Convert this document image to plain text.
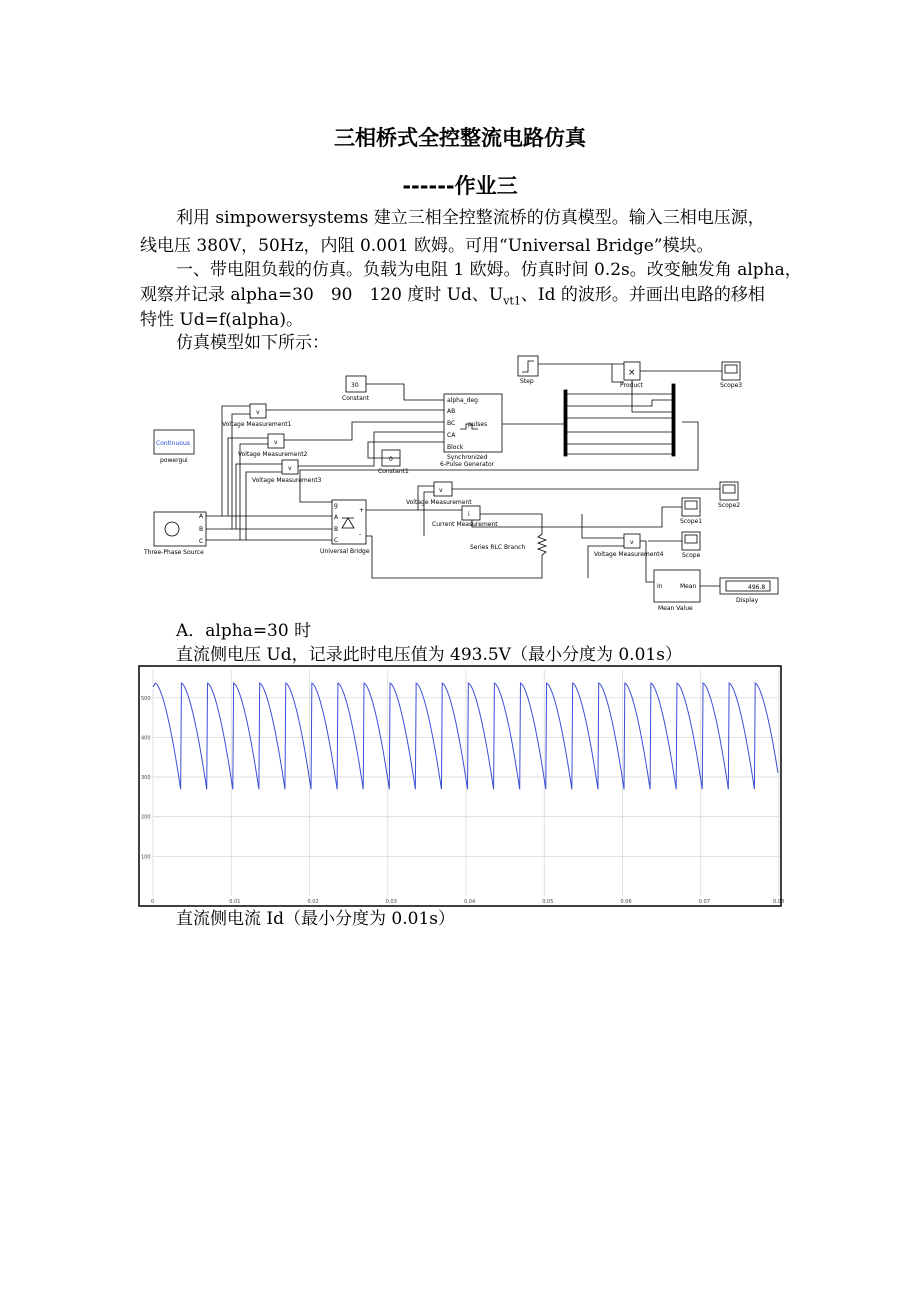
三相桥式全控整流电路仿真
------作业三
利用 simpowersystems 建立三相全控整流桥的仿真模型。输入三相电压源，
线电压 380V，50Hz，内阻 0.001 欧姆。可用“Universal Bridge”模块。
一、带电阻负载的仿真。负载为电阻 1 欧姆。仿真时间 0.2s。改变触发角 alpha，
观察并记录 alpha=30　90　120 度时 Ud、$U_{vt1}$、Id 的波形。并画出电路的移相
特性 Ud=f(alpha)。
仿真模型如下所示：
Step
×
Product	Scope3
30
Constant	alpha_deg
AB
BC
CA
Block
pulses
Synchronized
6-Pulse Generator
v
Voltage Measurement1
v
Voltage Measurement2
v
Voltage Measurement3
Continuous
powergui	0
Constant1
A
B
C
Three-Phase Source
g
A
B
C
+
-
Universal Bridge
v
Voltage Measurement
i
Current Measurement
Series RLC Branch
Scope2
Scope1
Scope
v
Voltage Measurement4
In	Mean
Mean Value
496.8
Display
A．alpha=30 时
直流侧电压 Ud，记录此时电压值为 493.5V（最小分度为 0.01s）
100
200
300
400
500
0	0.01	0.02	0.03	0.04	0.05	0.06	0.07	0.08
直流侧电流 Id（最小分度为 0.01s）
